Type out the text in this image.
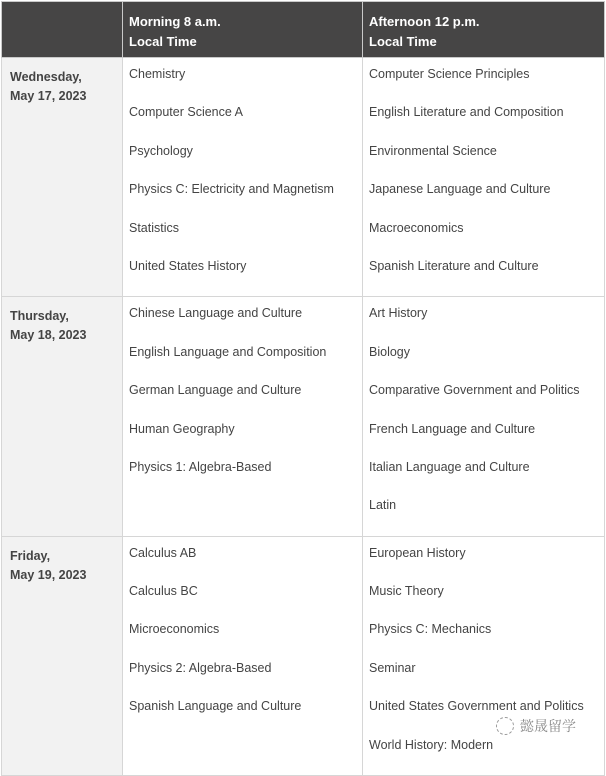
Morning 8 a.m.
Local Time

Afternoon 12 p.m.
Local Time

Wednesday,
May 17, 2023

Chemistry
Computer Science A
Psychology
Physics C: Electricity and Magnetism
Statistics
United States History

Computer Science Principles
English Literature and Composition
Environmental Science
Japanese Language and Culture
Macroeconomics
Spanish Literature and Culture

Thursday,
May 18, 2023

Chinese Language and Culture
English Language and Composition
German Language and Culture
Human Geography
Physics 1: Algebra-Based

Art History
Biology
Comparative Government and Politics
French Language and Culture
Italian Language and Culture
Latin

Friday,
May 19, 2023

Calculus AB
Calculus BC
Microeconomics
Physics 2: Algebra-Based
Spanish Language and Culture

European History
Music Theory
Physics C: Mechanics
Seminar
United States Government and Politics
World History: Modern
懿晟留学
